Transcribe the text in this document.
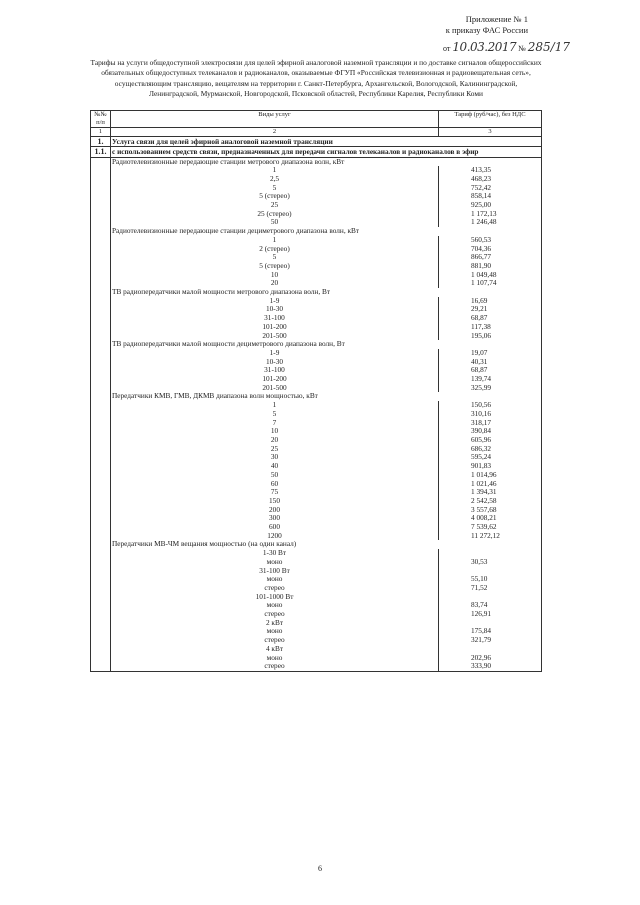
Приложение № 1
к приказу ФАС России
от 10.03.2017 № 285/17
Тарифы на услуги общедоступной электросвязи для целей эфирной аналоговой наземной трансляции и по доставке сигналов общероссийских обязательных общедоступных телеканалов и радиоканалов, оказываемые ФГУП «Российская телевизионная и радиовещательная сеть», осуществляющим трансляцию, вещателям на территории г. Санкт-Петербурга, Архангельской, Вологодской, Калининградской, Ленинградской, Мурманской, Новгородской, Псковской областей, Республики Карелия, Республики Коми
№№ п/п	Виды услуг	Тариф (руб/час), без НДС
1	2	3
1.	Услуга связи для целей эфирной аналоговой наземной трансляции	
1.1.	с использованием средств связи, предназначенных для передачи сигналов телеканалов и радиоканалов в эфир	
	Радиотелевизионные передающие станции метрового диапазона волн, кВт	
	1	413,35
	2,5	468,23
	5	752,42
	5 (стерео)	858,14
	25	925,00
	25 (стерео)	1 172,13
	50	1 246,48
	Радиотелевизионные передающие станции дециметрового диапазона волн, кВт	
	1	560,53
	2 (стерео)	704,36
	5	866,77
	5 (стерео)	881,90
	10	1 049,48
	20	1 107,74
	ТВ радиопередатчики малой мощности метрового диапазона волн, Вт	
	1-9	16,69
	10-30	29,21
	31-100	68,87
	101-200	117,38
	201-500	195,06
	ТВ радиопередатчики малой мощности дециметрового диапазона волн, Вт	
	1-9	19,07
	10-30	40,31
	31-100	68,87
	101-200	139,74
	201-500	325,99
	Передатчики КМВ, ГМВ, ДКМВ диапазона волн мощностью, кВт	
	1	150,56
	5	310,16
	7	318,17
	10	390,84
	20	605,96
	25	686,32
	30	595,24
	40	901,83
	50	1 014,96
	60	1 021,46
	75	1 394,31
	150	2 542,58
	200	3 557,68
	300	4 008,21
	600	7 539,62
	1200	11 272,12
	Передатчики МВ-ЧМ вещания мощностью (на один канал)	
	1-30 Вт	
	моно	30,53
	31-100 Вт	
	моно	55,10
	стерео	71,52
	101-1000 Вт	
	моно	83,74
	стерео	126,91
	2 кВт	
	моно	175,84
	стерео	321,79
	4 кВт	
	моно	202,96
	стерео	333,90
6
